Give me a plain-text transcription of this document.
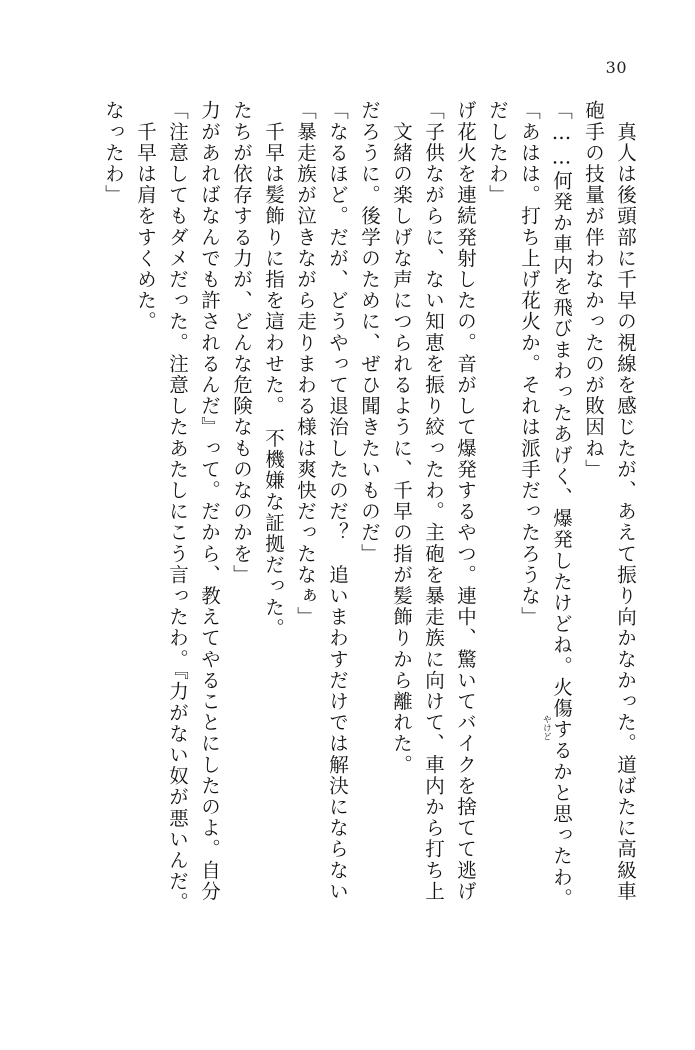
30
なったわ」 　千早は肩をすくめた。 「注意してもダメだった。注意したあたしにこう言ったわ。『力がない奴が悪いんだ。 力があればなんでも許されるんだ』って。だから、教えてやることにしたのよ。自分 たちが依存する力が、どんな危険なものなのかを」 　千早は髪飾りに指を這わせた。　不機嫌な証拠だった。 「暴走族が泣きながら走りまわる様は爽快だったなぁ」 「なるほど。だが、どうやって退治したのだ？　追いまわすだけでは解決にならない だろうに。後学のために、ぜひ聞きたいものだ」 　文緒の楽しげな声につられるように、千早の指が髪飾りから離れた。 「子供ながらに、ない知恵を振り絞ったわ。主砲を暴走族に向けて、車内から打ち上 げ花火を連続発射したの。音がして爆発するやつ。連中、驚いてバイクを捨てて逃げ だしたわ」 「あはは。打ち上げ花火か。それは派手だったろうな」 「……何発か車内を飛びまわったあげく、爆発したけどね。火傷するかと思ったわ。 砲手の技量が伴わなかったのが敗因ね」 　真人は後頭部に千早の視線を感じたが、あえて振り向かなかった。道ばたに高級車
やけど
